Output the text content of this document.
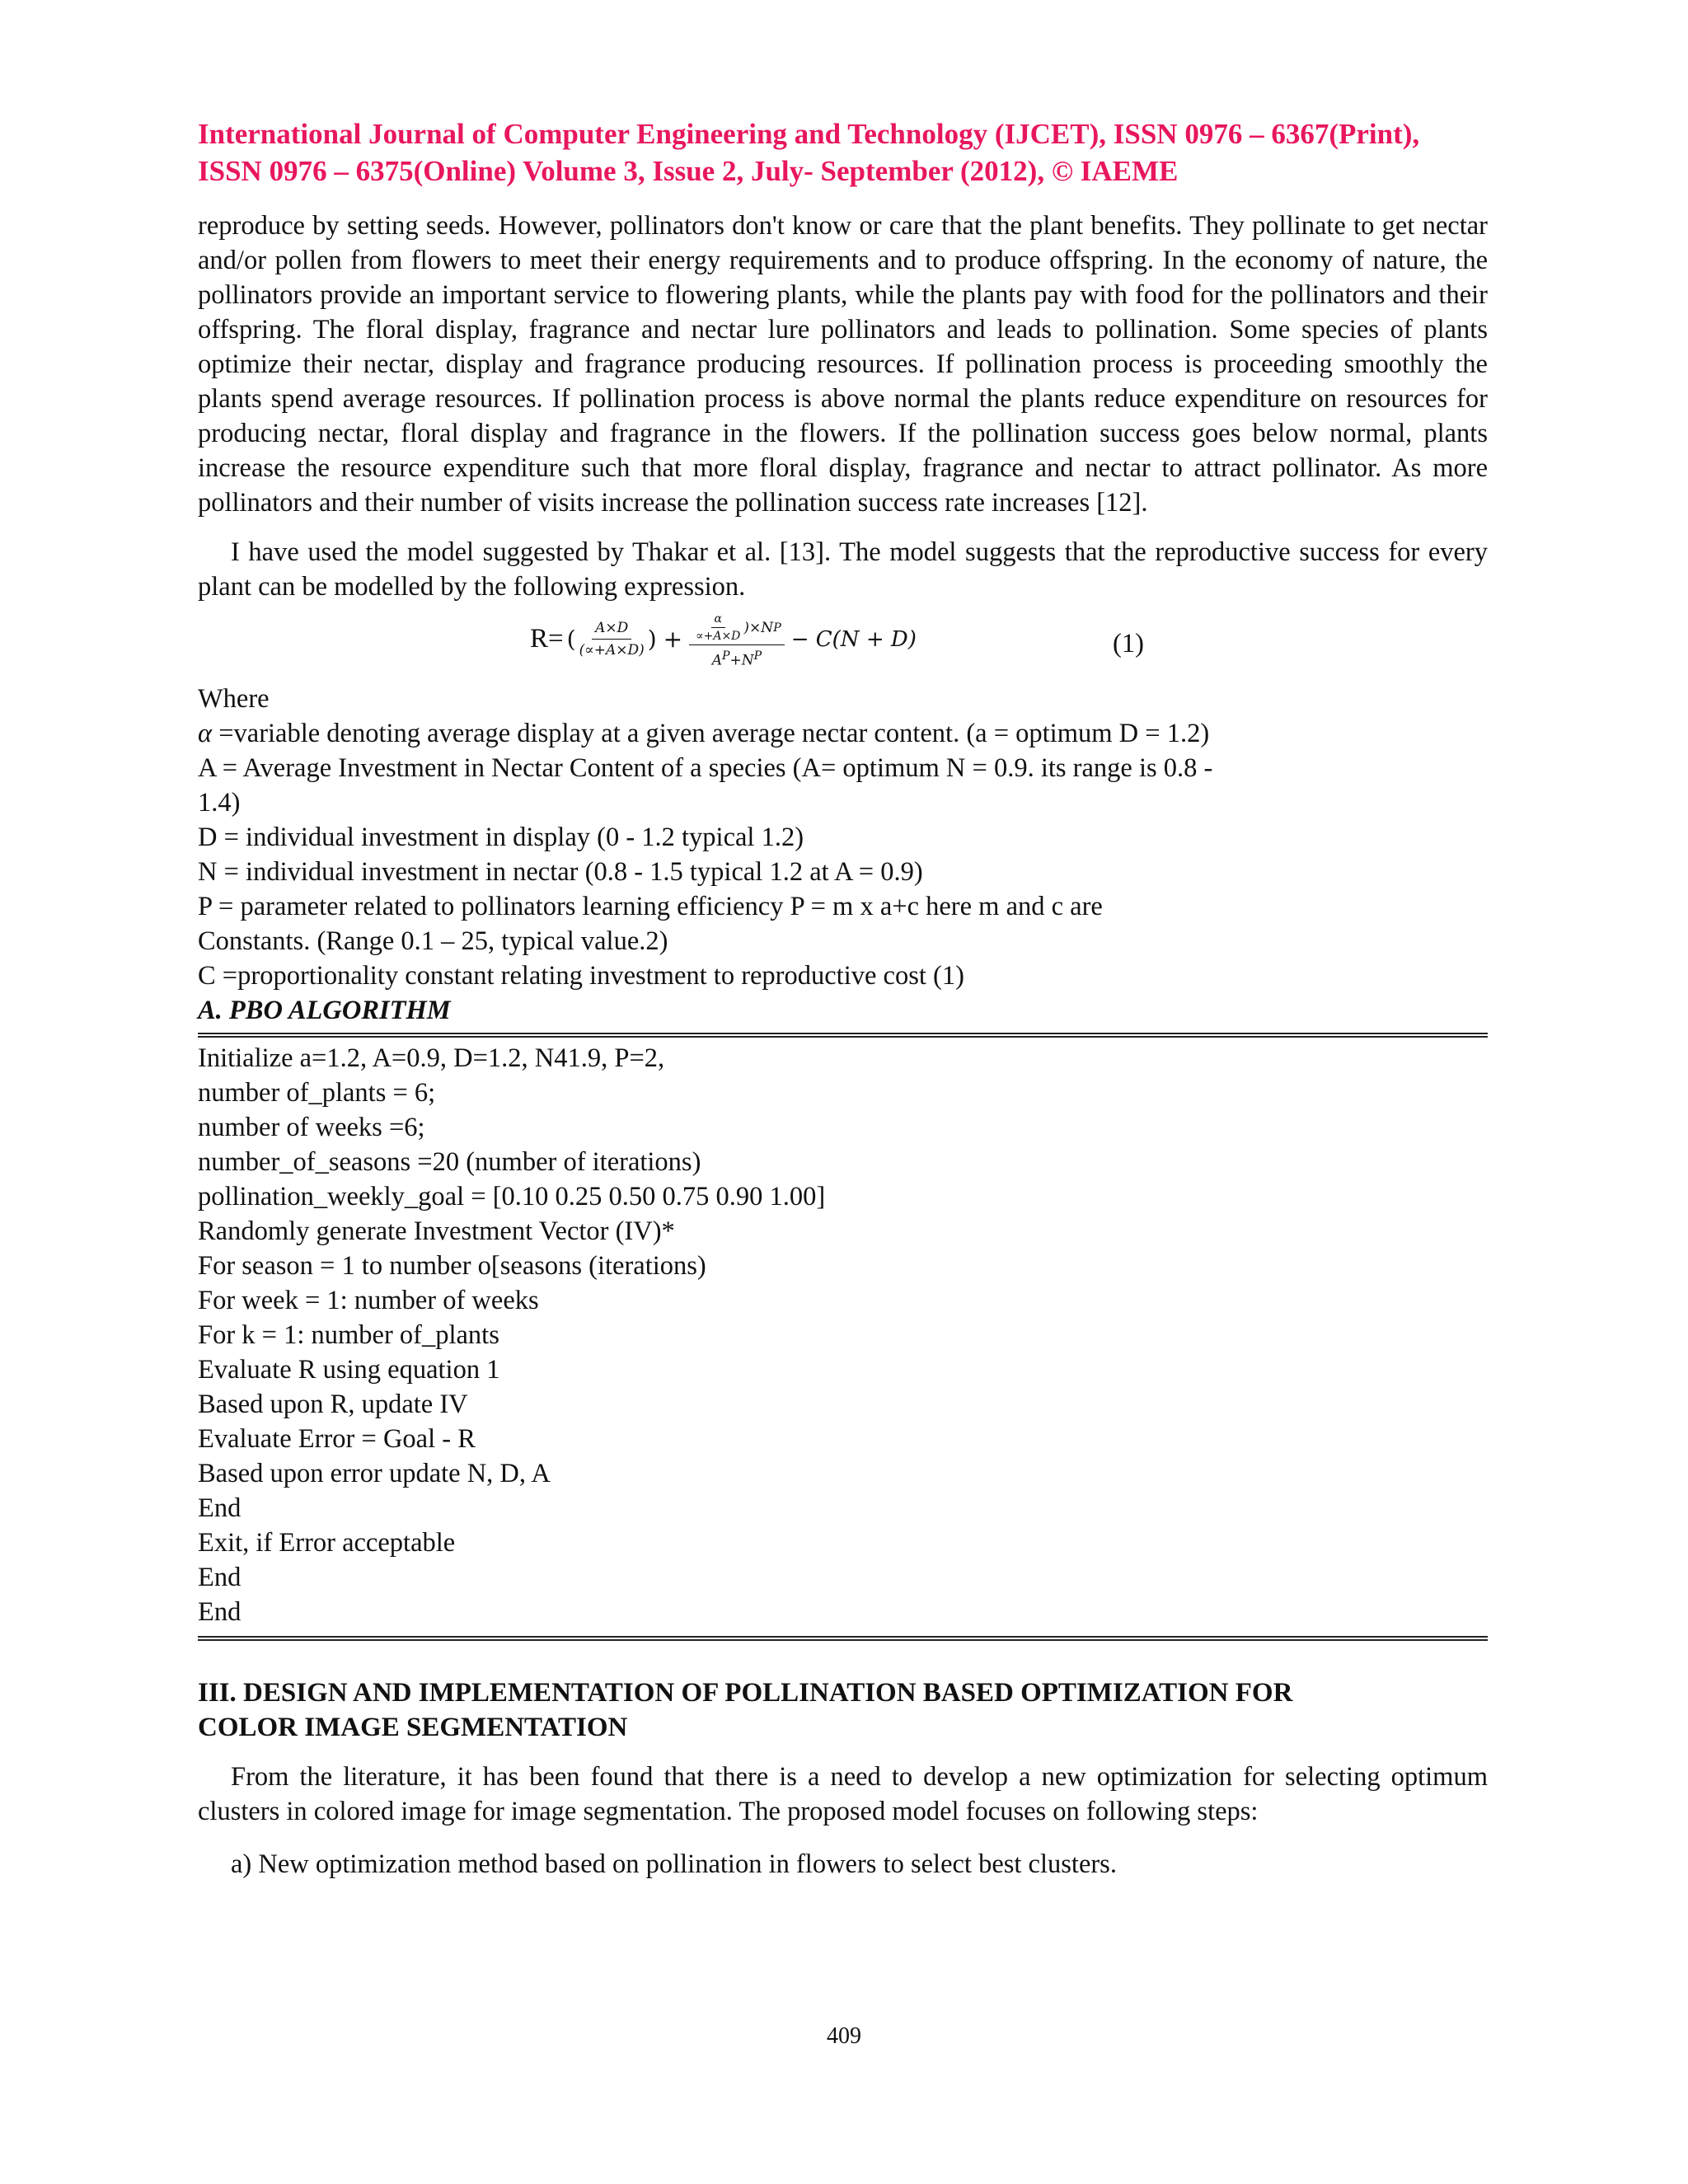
International Journal of Computer Engineering and Technology (IJCET), ISSN 0976 – 6367(Print),
ISSN 0976 – 6375(Online) Volume 3, Issue 2, July- September (2012), © IAEME

reproduce by setting seeds. However, pollinators don't know or care that the plant benefits. They pollinate to get nectar and/or pollen from flowers to meet their energy requirements and to produce offspring. In the economy of nature, the pollinators provide an important service to flowering plants, while the plants pay with food for the pollinators and their offspring. The floral display, fragrance and nectar lure pollinators and leads to pollination. Some species of plants optimize their nectar, display and fragrance producing resources. If pollination process is proceeding smoothly the plants spend average resources. If pollination process is above normal the plants reduce expenditure on resources for producing nectar, floral display and fragrance in the flowers. If the pollination success goes below normal, plants increase the resource expenditure such that more floral display, fragrance and nectar to attract pollinator. As more pollinators and their number of visits increase the pollination success rate increases [12].

I have used the model suggested by Thakar et al. [13]. The model suggests that the reproductive success for every plant can be modelled by the following expression.

R= ( $\frac{A\times D}{(\propto+A\times D)}$ ) + $\frac{\frac{\alpha}{\propto+A\times D} )\times N P}{A^P+N^P} - C(N + D)$	(1)
Where
α =variable denoting average display at a given average nectar content. (a = optimum D = 1.2)
A = Average Investment in Nectar Content of a species (A= optimum N = 0.9. its range is 0.8 -
1.4)
D = individual investment in display (0 - 1.2 typical 1.2)
N = individual investment in nectar (0.8 - 1.5 typical 1.2 at A = 0.9)
P = parameter related to pollinators learning efficiency P = m x a+c here m and c are
Constants. (Range 0.1 – 25, typical value.2)
C =proportionality constant relating investment to reproductive cost (1)
A. PBO ALGORITHM
Initialize a=1.2, A=0.9, D=1.2, N41.9, P=2,
number of_plants = 6;
number of weeks =6;
number_of_seasons =20 (number of iterations)
pollination_weekly_goal = [0.10 0.25 0.50 0.75 0.90 1.00]
Randomly generate Investment Vector (IV)*
For season = 1 to number o[seasons (iterations)
For week = 1: number of weeks
For k = 1: number of_plants
Evaluate R using equation 1
Based upon R, update IV
Evaluate Error = Goal - R
Based upon error update N, D, A
End
Exit, if Error acceptable
End
End
III. DESIGN AND IMPLEMENTATION OF POLLINATION BASED OPTIMIZATION FOR
COLOR IMAGE SEGMENTATION

From the literature, it has been found that there is a need to develop a new optimization for selecting optimum clusters in colored image for image segmentation. The proposed model focuses on following steps:

a) New optimization method based on pollination in flowers to select best clusters.

409
